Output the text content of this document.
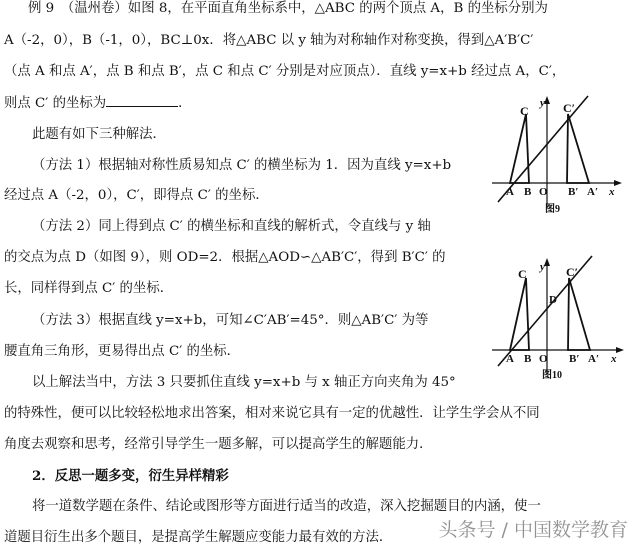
例 9　（温州卷）如图 8，在平面直角坐标系中，△ABC 的两个顶点 A，B 的坐标分别为
A（-2，0），B（-1，0），BC⊥0x．将△ABC 以 y 轴为对称轴作对称变换，得到△A′B′C′
（点 A 和点 A′，点 B 和点 B′，点 C 和点 C′ 分别是对应顶点）．直线 y=x+b 经过点 A，C′，
则点 C′ 的坐标为	．
此题有如下三种解法．
（方法 1）根据轴对称性质易知点 C′ 的横坐标为 1．因为直线 y=x+b
经过点 A（-2，0），C′，即得点 C′ 的坐标．
（方法 2）同上得到点 C′ 的横坐标和直线的解析式，令直线与 y 轴
的交点为点 D（如图 9），则 OD=2．根据△AOD∽△AB′C′，得到 B′C′ 的
长，同样得到点 C′ 的坐标．
（方法 3）根据直线 y=x+b，可知∠C′AB′=45°．则△AB′C′ 为等
腰直角三角形，更易得出点 C′ 的坐标．
以上解法当中，方法 3 只要抓住直线 y=x+b 与 x 轴正方向夹角为 45°
的特殊性，便可以比较轻松地求出答案，相对来说它具有一定的优越性．让学生学会从不同
角度去观察和思考，经常引导学生一题多解，可以提高学生的解题能力．
2．反思一题多变，衍生异样精彩
将一道数学题在条件、结论或图形等方面进行适当的改造，深入挖掘题目的内涵，使一
道题目衍生出多个题目，是提高学生解题应变能力最有效的方法．
C	C′
y
A B O B′ A′ x
图9
C	C′
y
D
A B O B′ A′ x
图10
头条号 / 中国数学教育
